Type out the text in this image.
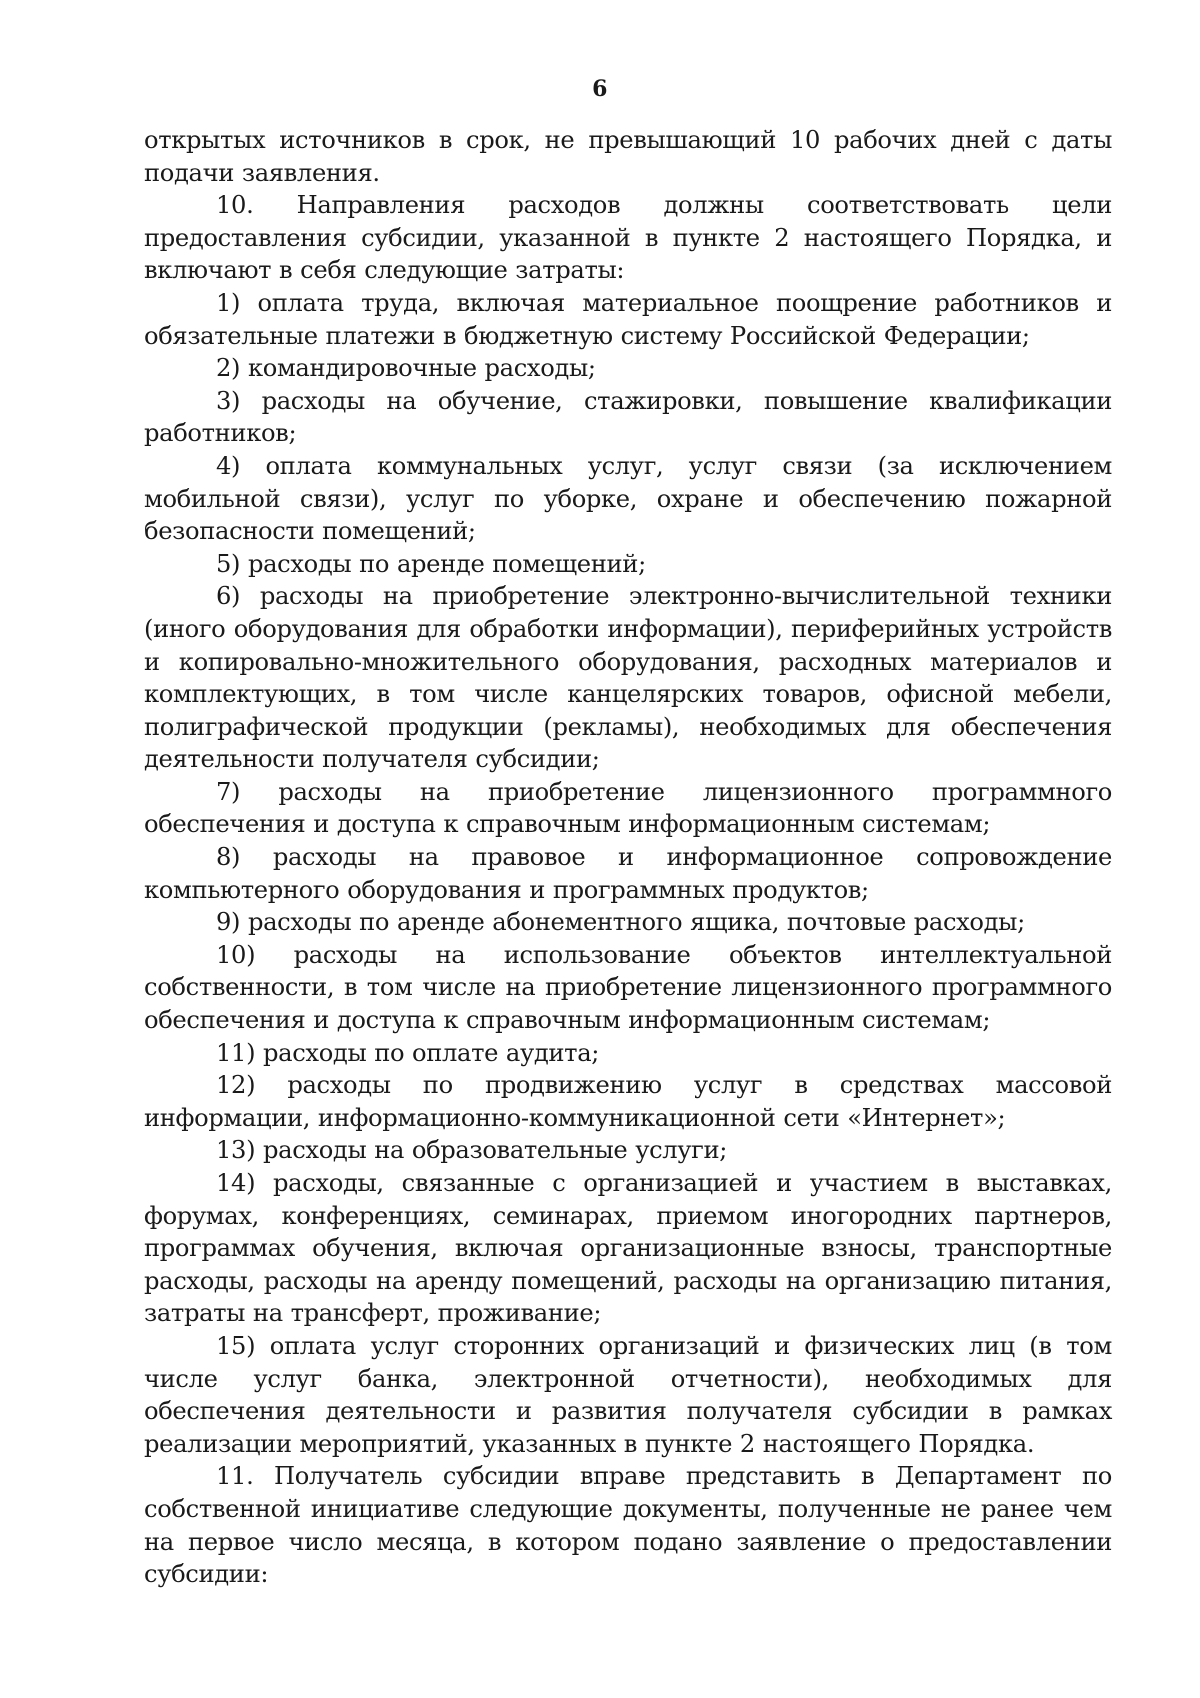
6

открытых источников в срок, не превышающий 10 рабочих дней с даты подачи заявления.

10. Направления расходов должны соответствовать цели предоставления субсидии, указанной в пункте 2 настоящего Порядка, и включают в себя следующие затраты:

1) оплата труда, включая материальное поощрение работников и обязательные платежи в бюджетную систему Российской Федерации;

2) командировочные расходы;

3) расходы на обучение, стажировки, повышение квалификации работников;

4) оплата коммунальных услуг, услуг связи (за исключением мобильной связи), услуг по уборке, охране и обеспечению пожарной безопасности помещений;

5) расходы по аренде помещений;

6) расходы на приобретение электронно-вычислительной техники (иного оборудования для обработки информации), периферийных устройств и копировально-множительного оборудования, расходных материалов и комплектующих, в том числе канцелярских товаров, офисной мебели, полиграфической продукции (рекламы), необходимых для обеспечения деятельности получателя субсидии;

7) расходы на приобретение лицензионного программного обеспечения и доступа к справочным информационным системам;

8) расходы на правовое и информационное сопровождение компьютерного оборудования и программных продуктов;

9) расходы по аренде абонементного ящика, почтовые расходы;

10) расходы на использование объектов интеллектуальной собственности, в том числе на приобретение лицензионного программного обеспечения и доступа к справочным информационным системам;

11) расходы по оплате аудита;

12) расходы по продвижению услуг в средствах массовой информации, информационно-коммуникационной сети «Интернет»;

13) расходы на образовательные услуги;

14) расходы, связанные с организацией и участием в выставках, форумах, конференциях, семинарах, приемом иногородних партнеров, программах обучения, включая организационные взносы, транспортные расходы, расходы на аренду помещений, расходы на организацию питания, затраты на трансферт, проживание;

15) оплата услуг сторонних организаций и физических лиц (в том числе услуг банка, электронной отчетности), необходимых для обеспечения деятельности и развития получателя субсидии в рамках реализации мероприятий, указанных в пункте 2 настоящего Порядка.

11. Получатель субсидии вправе представить в Департамент по собственной инициативе следующие документы, полученные не ранее чем на первое число месяца, в котором подано заявление о предоставлении субсидии:
